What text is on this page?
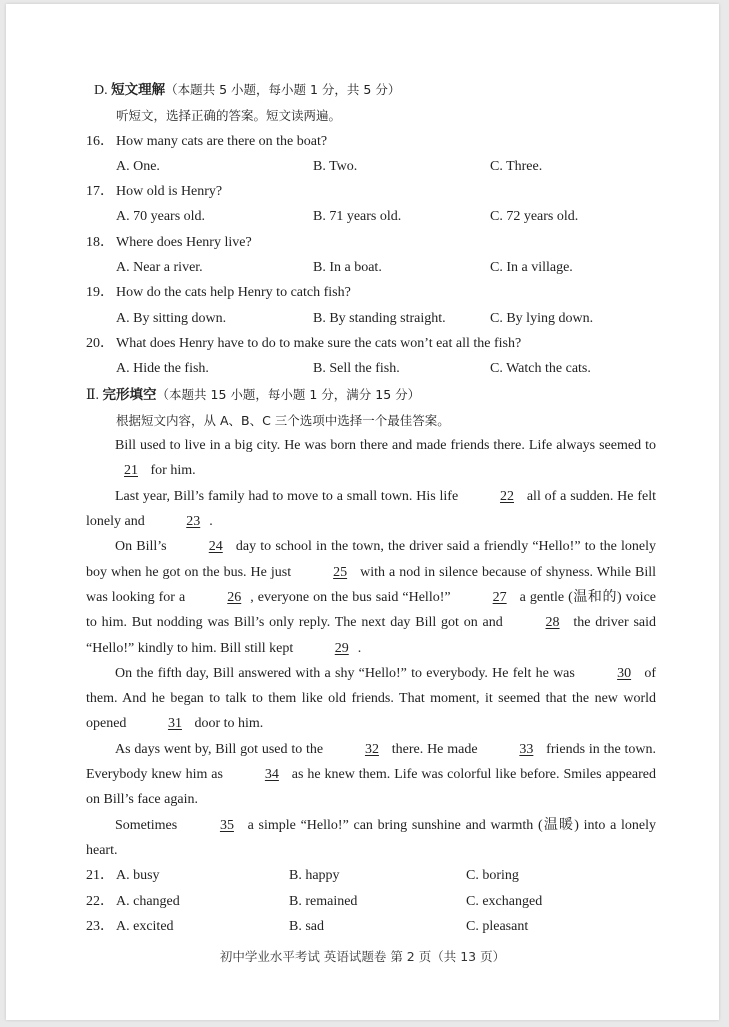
D. 短文理解（本题共 5 小题，每小题 1 分，共 5 分）
听短文，选择正确的答案。短文读两遍。
16． How many cats are there on the boat?
A. One.	B. Two.	C. Three.
17． How old is Henry?
A. 70 years old.	B. 71 years old.	C. 72 years old.
18． Where does Henry live?
A. Near a river.	B. In a boat.	C. In a village.
19． How do the cats help Henry to catch fish?
A. By sitting down.	B. By standing straight.	C. By lying down.
20． What does Henry have to do to make sure the cats won’t eat all the fish?
A. Hide the fish.	B. Sell the fish.	C. Watch the cats.
Ⅱ. 完形填空（本题共 15 小题，每小题 1 分，满分 15 分）
根据短文内容，从 A、B、C 三个选项中选择一个最佳答案。

Bill used to live in a big city. He was born there and made friends there. Life always seemed to 21 for him.

Last year, Bill’s family had to move to a small town. His life	22 all of a sudden. He felt lonely and	23 .

On Bill’s	24 day to school in the town, the driver said a friendly “Hello!” to the lonely boy when he got on the bus. He just	25 with a nod in silence because of shyness. While Bill was looking for a	26 , everyone on the bus said “Hello!”	27 a gentle (温和的) voice to him. But nodding was Bill’s only reply. The next day Bill got on and	28 the driver said “Hello!” kindly to him. Bill still kept	29 .

On the fifth day, Bill answered with a shy “Hello!” to everybody. He felt he was	30 of them. And he began to talk to them like old friends. That moment, it seemed that the new world opened	31 door to him.

As days went by, Bill got used to the	32 there. He made	33 friends in the town. Everybody knew him as	34 as he knew them. Life was colorful like before. Smiles appeared on Bill’s face again.

Sometimes	35 a simple “Hello!” can bring sunshine and warmth (温暖) into a lonely heart.

21． A. busy	B. happy	C. boring
22． A. changed	B. remained	C. exchanged
23． A. excited	B. sad	C. pleasant
初中学业水平考试 英语试题卷 第 2 页（共 13 页）
